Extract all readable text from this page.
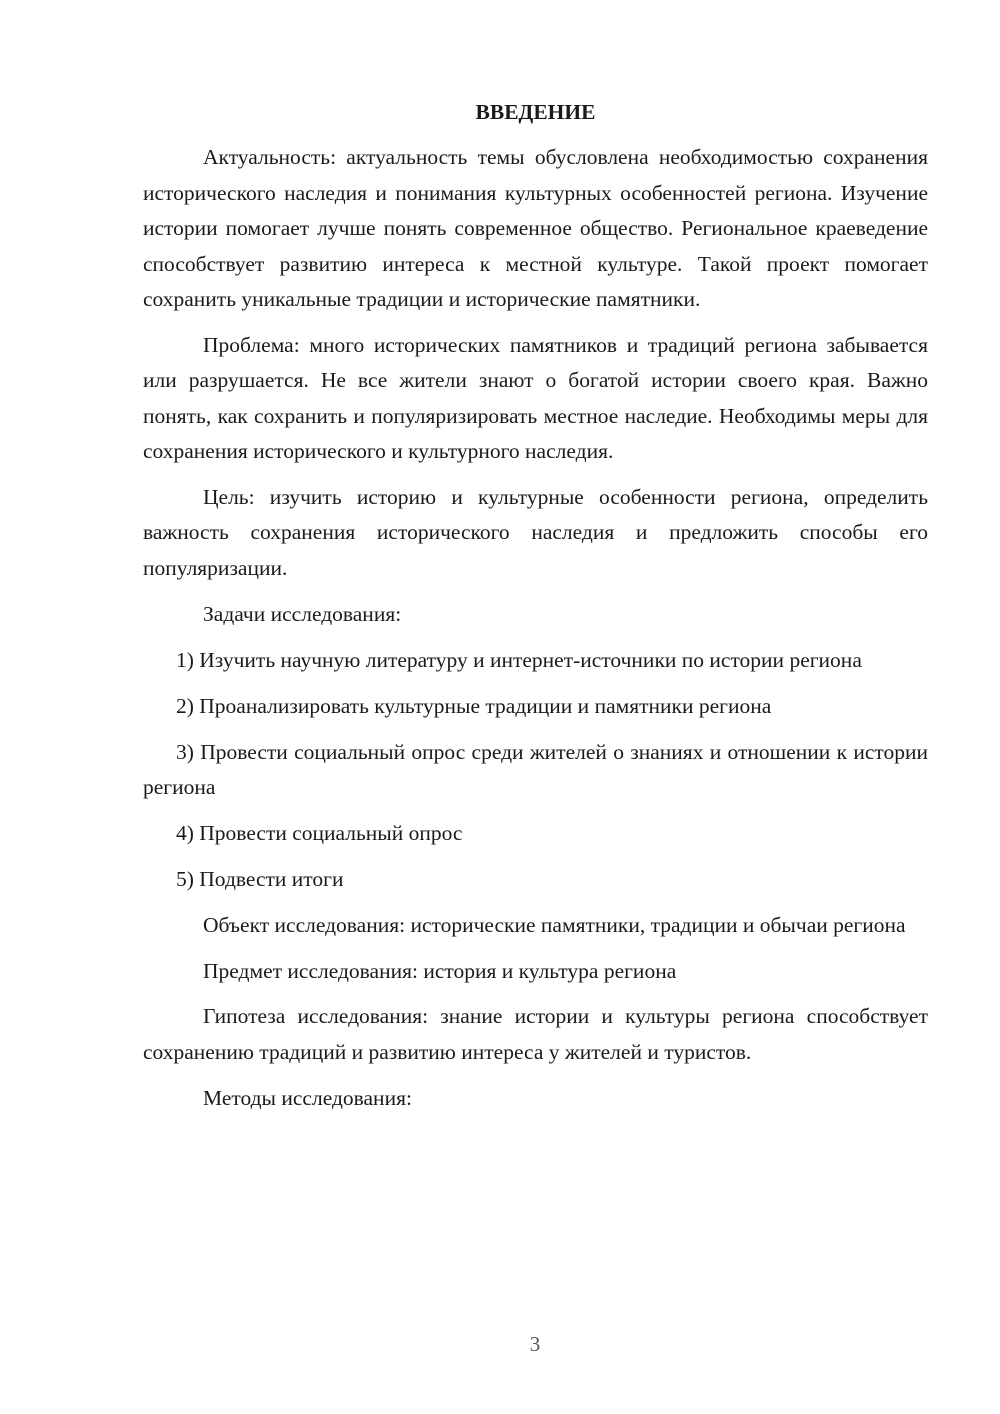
ВВЕДЕНИЕ

Актуальность: актуальность темы обусловлена необходимостью сохранения исторического наследия и понимания культурных особенностей региона. Изучение истории помогает лучше понять современное общество. Региональное краеведение способствует развитию интереса к местной культуре. Такой проект помогает сохранить уникальные традиции и исторические памятники.

Проблема: много исторических памятников и традиций региона забывается или разрушается. Не все жители знают о богатой истории своего края. Важно понять, как сохранить и популяризировать местное наследие. Необходимы меры для сохранения исторического и культурного наследия.

Цель: изучить историю и культурные особенности региона, определить важность сохранения исторического наследия и предложить способы его популяризации.

Задачи исследования:

1) Изучить научную литературу и интернет-источники по истории региона

2) Проанализировать культурные традиции и памятники региона

3) Провести социальный опрос среди жителей о знаниях и отношении к истории региона

4) Провести социальный опрос

5) Подвести итоги

Объект исследования: исторические памятники, традиции и обычаи региона

Предмет исследования: история и культура региона

Гипотеза исследования: знание истории и культуры региона способствует сохранению традиций и развитию интереса у жителей и туристов.

Методы исследования:

3
